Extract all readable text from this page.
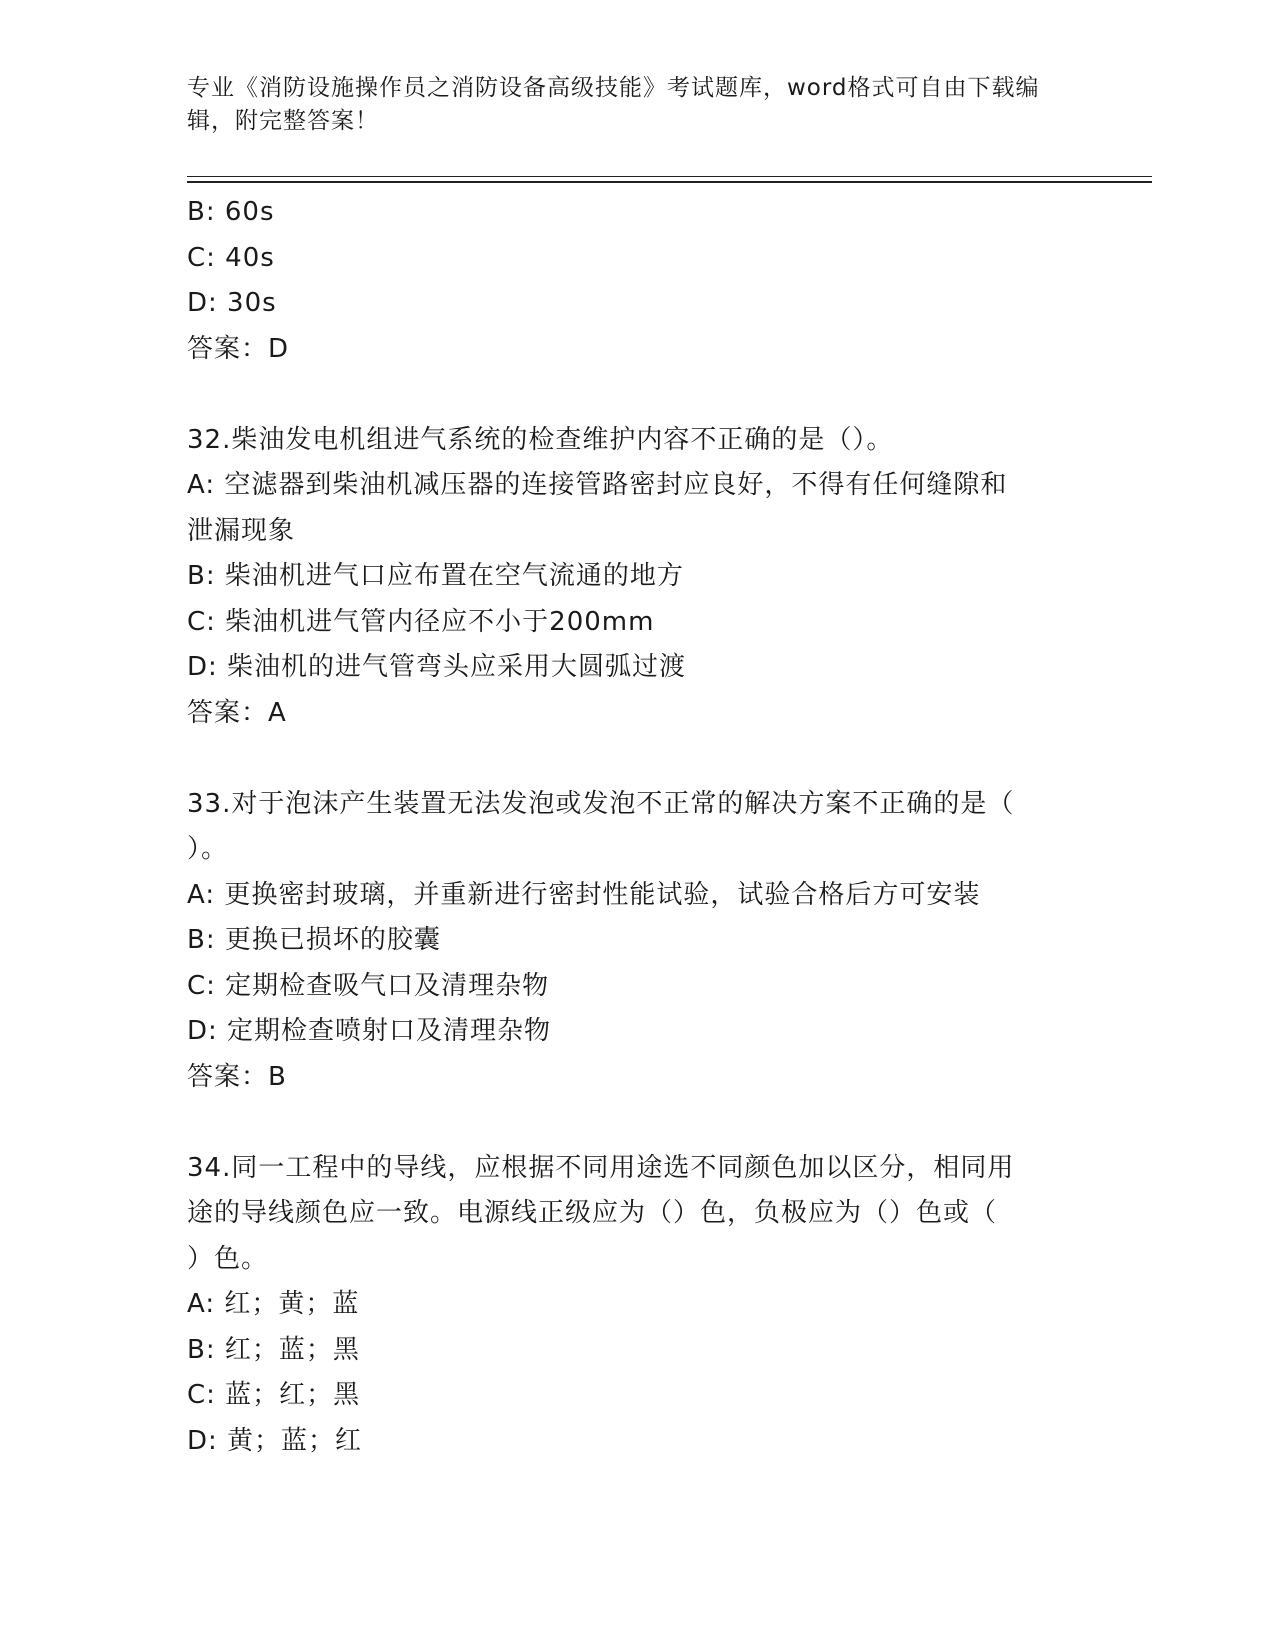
专业《消防设施操作员之消防设备高级技能》考试题库，word格式可自由下载编辑，附完整答案！
B: 60s
C: 40s
D: 30s
答案：D
32.柴油发电机组进气系统的检查维护内容不正确的是（）。
A: 空滤器到柴油机减压器的连接管路密封应良好，不得有任何缝隙和
泄漏现象
B: 柴油机进气口应布置在空气流通的地方
C: 柴油机进气管内径应不小于200mm
D: 柴油机的进气管弯头应采用大圆弧过渡
答案：A
33.对于泡沫产生装置无法发泡或发泡不正常的解决方案不正确的是（
）。
A: 更换密封玻璃，并重新进行密封性能试验，试验合格后方可安装
B: 更换已损坏的胶囊
C: 定期检查吸气口及清理杂物
D: 定期检查喷射口及清理杂物
答案：B
34.同一工程中的导线，应根据不同用途选不同颜色加以区分，相同用
途的导线颜色应一致。电源线正级应为（）色，负极应为（）色或（
）色。
A: 红；黄；蓝
B: 红；蓝；黑
C: 蓝；红；黑
D: 黄；蓝；红
